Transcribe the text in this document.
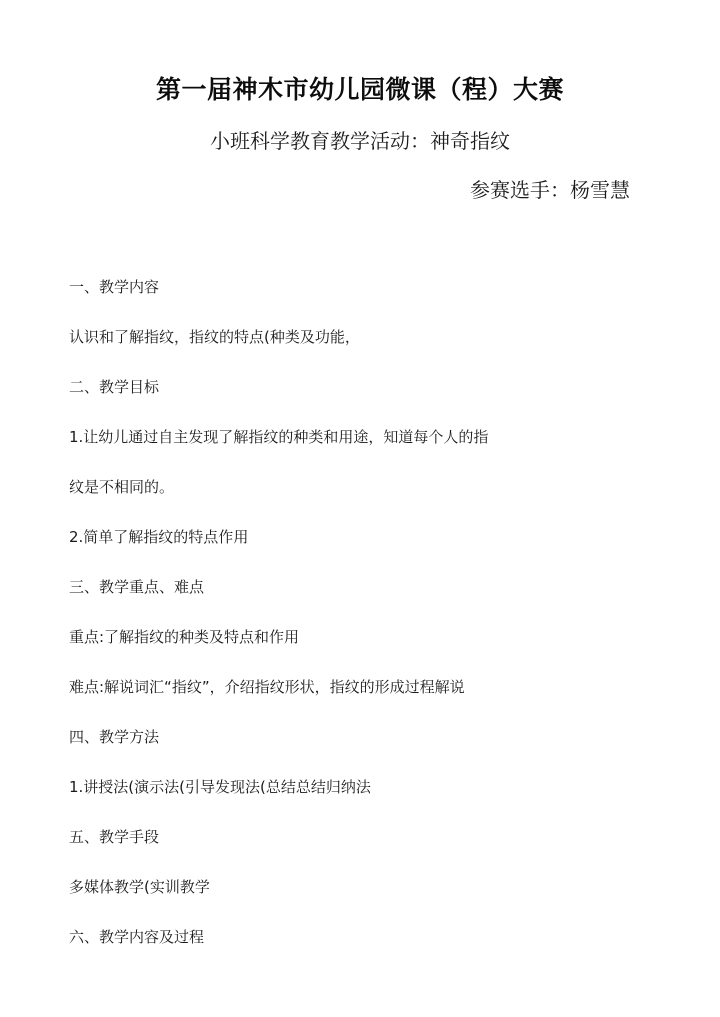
第一届神木市幼儿园微课（程）大赛
小班科学教育教学活动：神奇指纹
参赛选手：杨雪慧
一、教学内容
认识和了解指纹，指纹的特点(种类及功能，
二、教学目标
1.让幼儿通过自主发现了解指纹的种类和用途，知道每个人的指
纹是不相同的。
2.简单了解指纹的特点作用
三、教学重点、难点
重点:了解指纹的种类及特点和作用
难点:解说词汇“指纹”，介绍指纹形状，指纹的形成过程解说
四、教学方法
1.讲授法(演示法(引导发现法(总结总结归纳法
五、教学手段
多媒体教学(实训教学
六、教学内容及过程
